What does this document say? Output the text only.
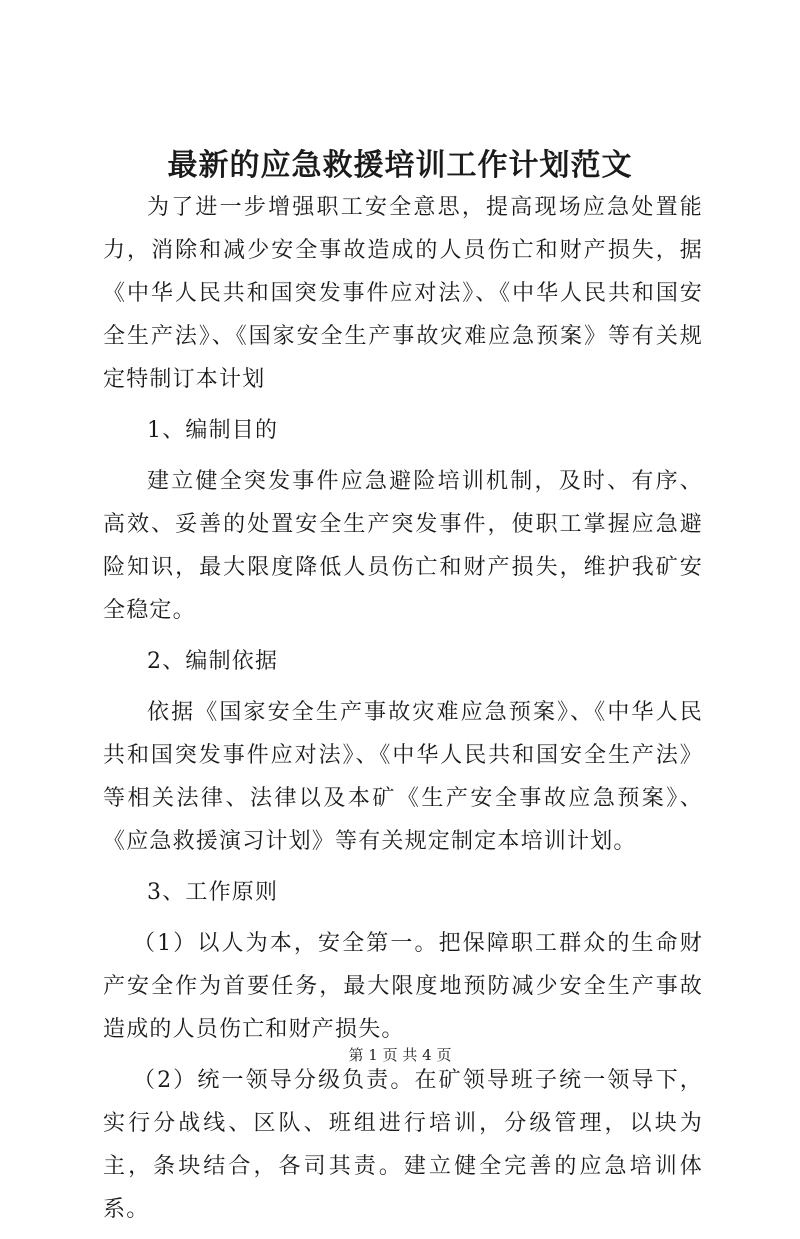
最新的应急救援培训工作计划范文

为了进一步增强职工安全意思，提高现场应急处置能力，消除和减少安全事故造成的人员伤亡和财产损失，据《中华人民共和国突发事件应对法》、《中华人民共和国安全生产法》、《国家安全生产事故灾难应急预案》等有关规定特制订本计划

1、编制目的

建立健全突发事件应急避险培训机制，及时、有序、高效、妥善的处置安全生产突发事件，使职工掌握应急避险知识，最大限度降低人员伤亡和财产损失，维护我矿安全稳定。

2、编制依据

依据《国家安全生产事故灾难应急预案》、《中华人民共和国突发事件应对法》、《中华人民共和国安全生产法》等相关法律、法律以及本矿《生产安全事故应急预案》、《应急救援演习计划》等有关规定制定本培训计划。

3、工作原则

（1）以人为本，安全第一。把保障职工群众的生命财产安全作为首要任务，最大限度地预防减少安全生产事故造成的人员伤亡和财产损失。

（2）统一领导分级负责。在矿领导班子统一领导下，实行分战线、区队、班组进行培训，分级管理，以块为主，条块结合，各司其责。建立健全完善的应急培训体系。

第 1 页 共 4 页
